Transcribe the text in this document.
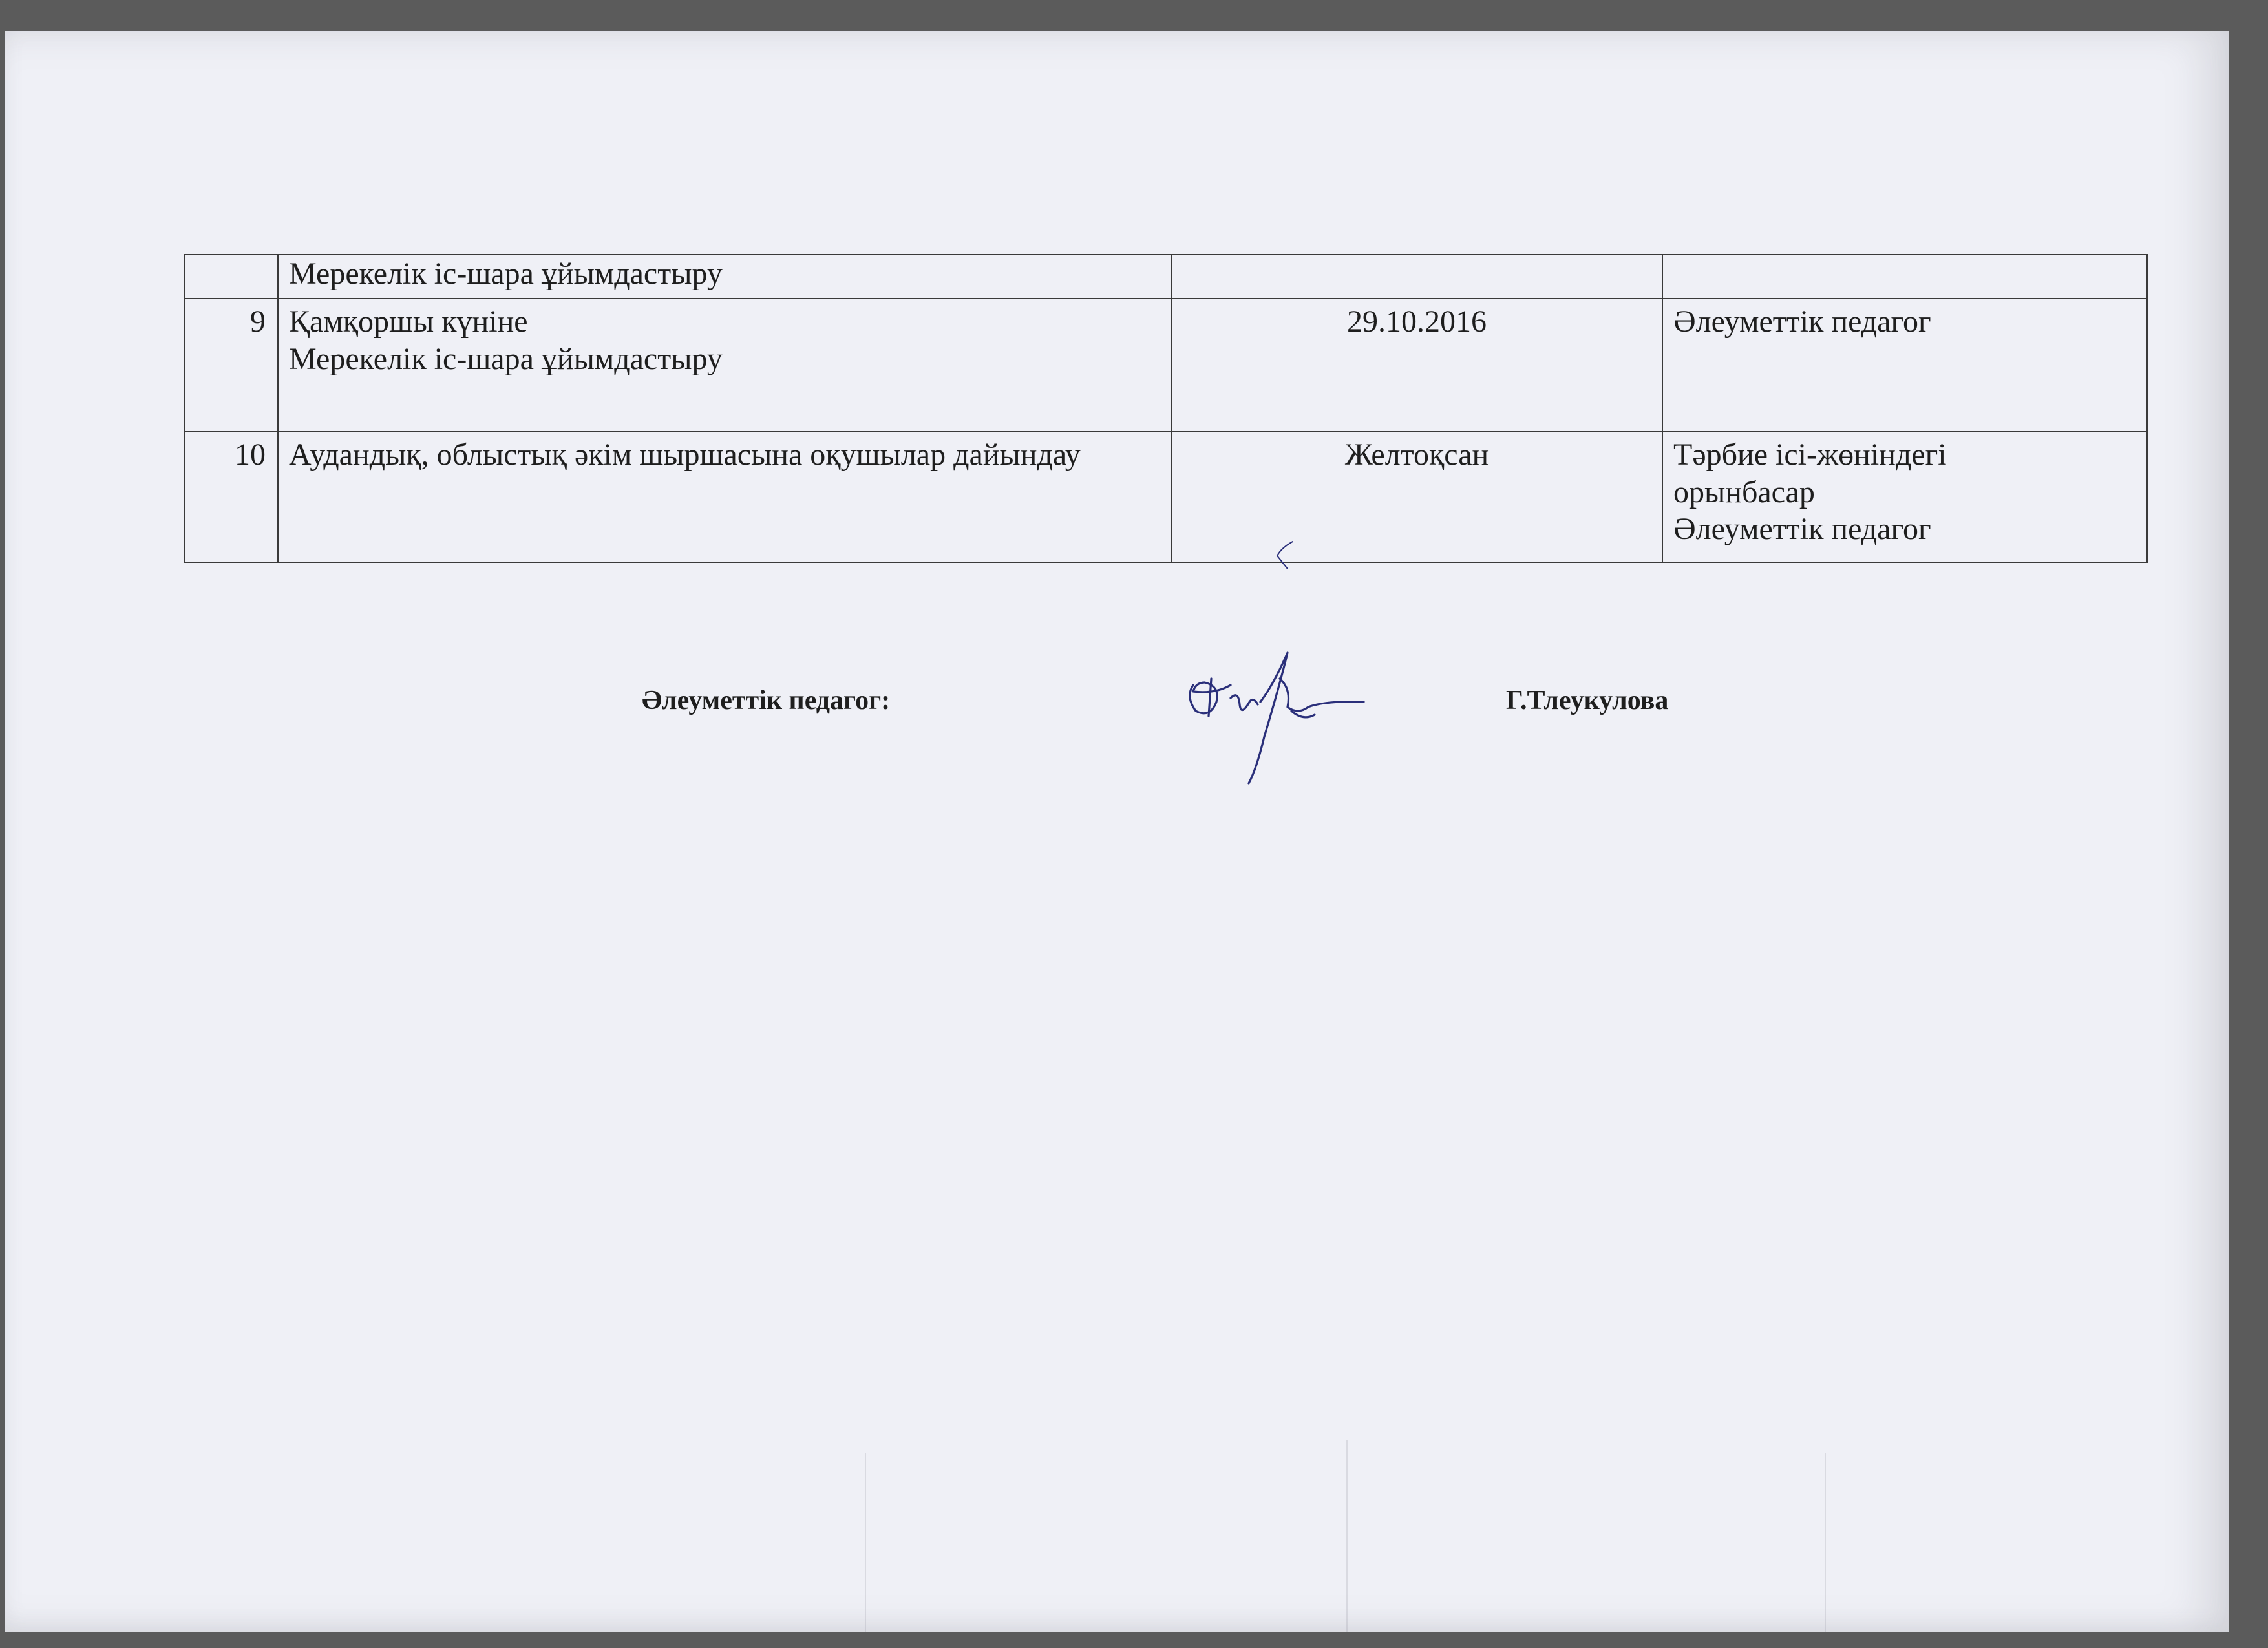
	Мерекелік іс-шара ұйымдастыру		

9	Қамқоршы күніне
Мерекелік іс-шара ұйымдастыру	29.10.2016	Әлеуметтік педагог

10	Аудандық, облыстық әкім шыршасына оқушылар дайындау	Желтоқсан	Тәрбие ісі-жөніндегі
орынбасар
Әлеуметтік педагог
Әлеуметтік педагог:	Г.Тлеукулова
